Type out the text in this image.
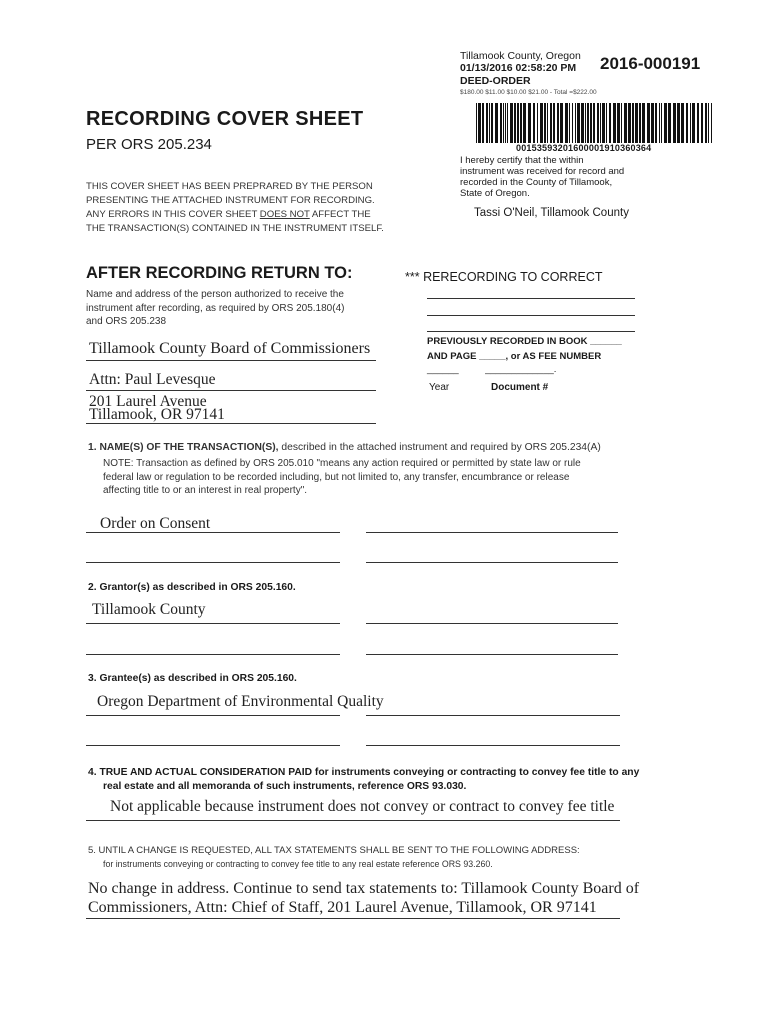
Tillamook County, Oregon
01/13/2016 02:58:20 PM
DEED-ORDER
$180.00 $11.00 $10.00 $21.00 - Total =$222.00
2016-000191
00153593201600001910360364
I hereby certify that the within
instrument was received for record and
recorded in the County of Tillamook,
State of Oregon.
Tassi O'Neil, Tillamook County
RECORDING COVER SHEET
PER ORS 205.234
THIS COVER SHEET HAS BEEN PREPRARED BY THE PERSON
PRESENTING THE ATTACHED INSTRUMENT FOR RECORDING.
ANY ERRORS IN THIS COVER SHEET DOES NOT AFFECT THE
THE TRANSACTION(S) CONTAINED IN THE INSTRUMENT ITSELF.
AFTER RECORDING RETURN TO:
Name and address of the person authorized to receive the
instrument after recording, as required by ORS 205.180(4)
and ORS 205.238
Tillamook County Board of Commissioners
Attn: Paul Levesque
201 Laurel Avenue
Tillamook, OR 97141
*** RERECORDING TO CORRECT
PREVIOUSLY RECORDED IN BOOK ______
AND PAGE _____, or AS FEE NUMBER
______          _____________.
Year	Document #
1. NAME(S) OF THE TRANSACTION(S), described in the attached instrument and required by ORS 205.234(A)
NOTE: Transaction as defined by ORS 205.010 "means any action required or permitted by state law or rule
federal law or regulation to be recorded including, but not limited to, any transfer, encumbrance or release
affecting title to or an interest in real property".
Order on Consent
2. Grantor(s) as described in ORS 205.160.
Tillamook County
3. Grantee(s) as described in ORS 205.160.
Oregon Department of Environmental Quality
4. TRUE AND ACTUAL CONSIDERATION PAID for instruments conveying or contracting to convey fee title to any
real estate and all memoranda of such instruments, reference ORS 93.030.
Not applicable because instrument does not convey or contract to convey fee title
5. UNTIL A CHANGE IS REQUESTED, ALL TAX STATEMENTS SHALL BE SENT TO THE FOLLOWING ADDRESS:
for instruments conveying or contracting to convey fee title to any real estate reference ORS 93.260.
No change in address. Continue to send tax statements to: Tillamook County Board of
Commissioners, Attn: Chief of Staff, 201 Laurel Avenue, Tillamook, OR 97141
